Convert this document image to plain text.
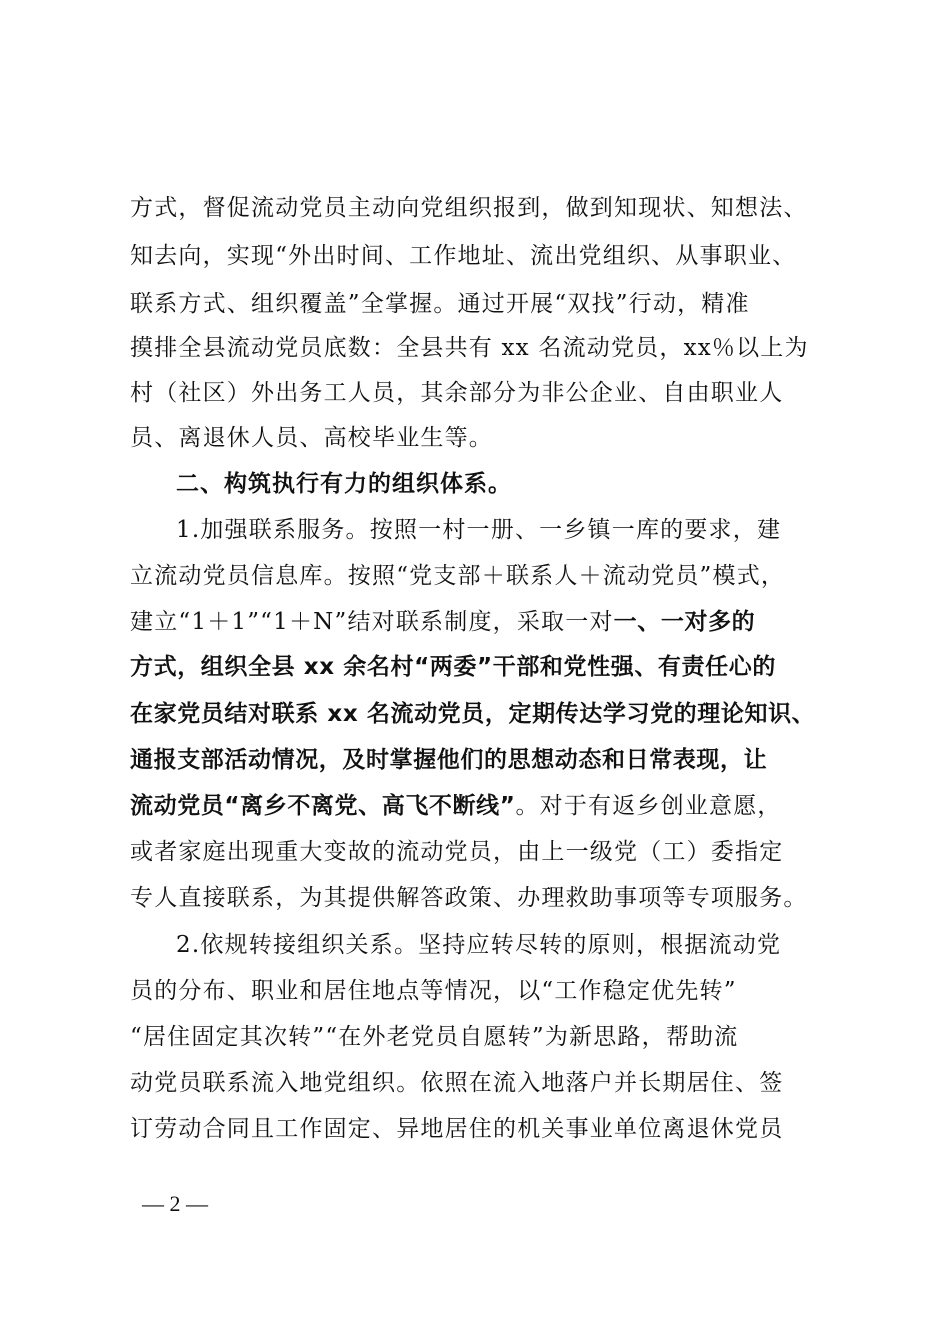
方式，督促流动党员主动向党组织报到，做到知现状、知想法、
知去向，实现“外出时间、工作地址、流出党组织、从事职业、
联系方式、组织覆盖”全掌握。通过开展“双找”行动，精准
摸排全县流动党员底数：全县共有 xx 名流动党员，xx％以上为
村（社区）外出务工人员，其余部分为非公企业、自由职业人
员、离退休人员、高校毕业生等。
二、构筑执行有力的组织体系。
1.加强联系服务。按照一村一册、一乡镇一库的要求，建
立流动党员信息库。按照“党支部＋联系人＋流动党员”模式，
建立“1＋1”“1＋N”结对联系制度，采取一对一、一对多的
方式，组织全县 xx 余名村“两委”干部和党性强、有责任心的
在家党员结对联系 xx 名流动党员，定期传达学习党的理论知识、
通报支部活动情况，及时掌握他们的思想动态和日常表现，让
流动党员“离乡不离党、高飞不断线”。对于有返乡创业意愿，
或者家庭出现重大变故的流动党员，由上一级党（工）委指定
专人直接联系，为其提供解答政策、办理救助事项等专项服务。
2.依规转接组织关系。坚持应转尽转的原则，根据流动党
员的分布、职业和居住地点等情况，以“工作稳定优先转”
“居住固定其次转”“在外老党员自愿转”为新思路，帮助流
动党员联系流入地党组织。依照在流入地落户并长期居住、签
订劳动合同且工作固定、异地居住的机关事业单位离退休党员
— 2 —
